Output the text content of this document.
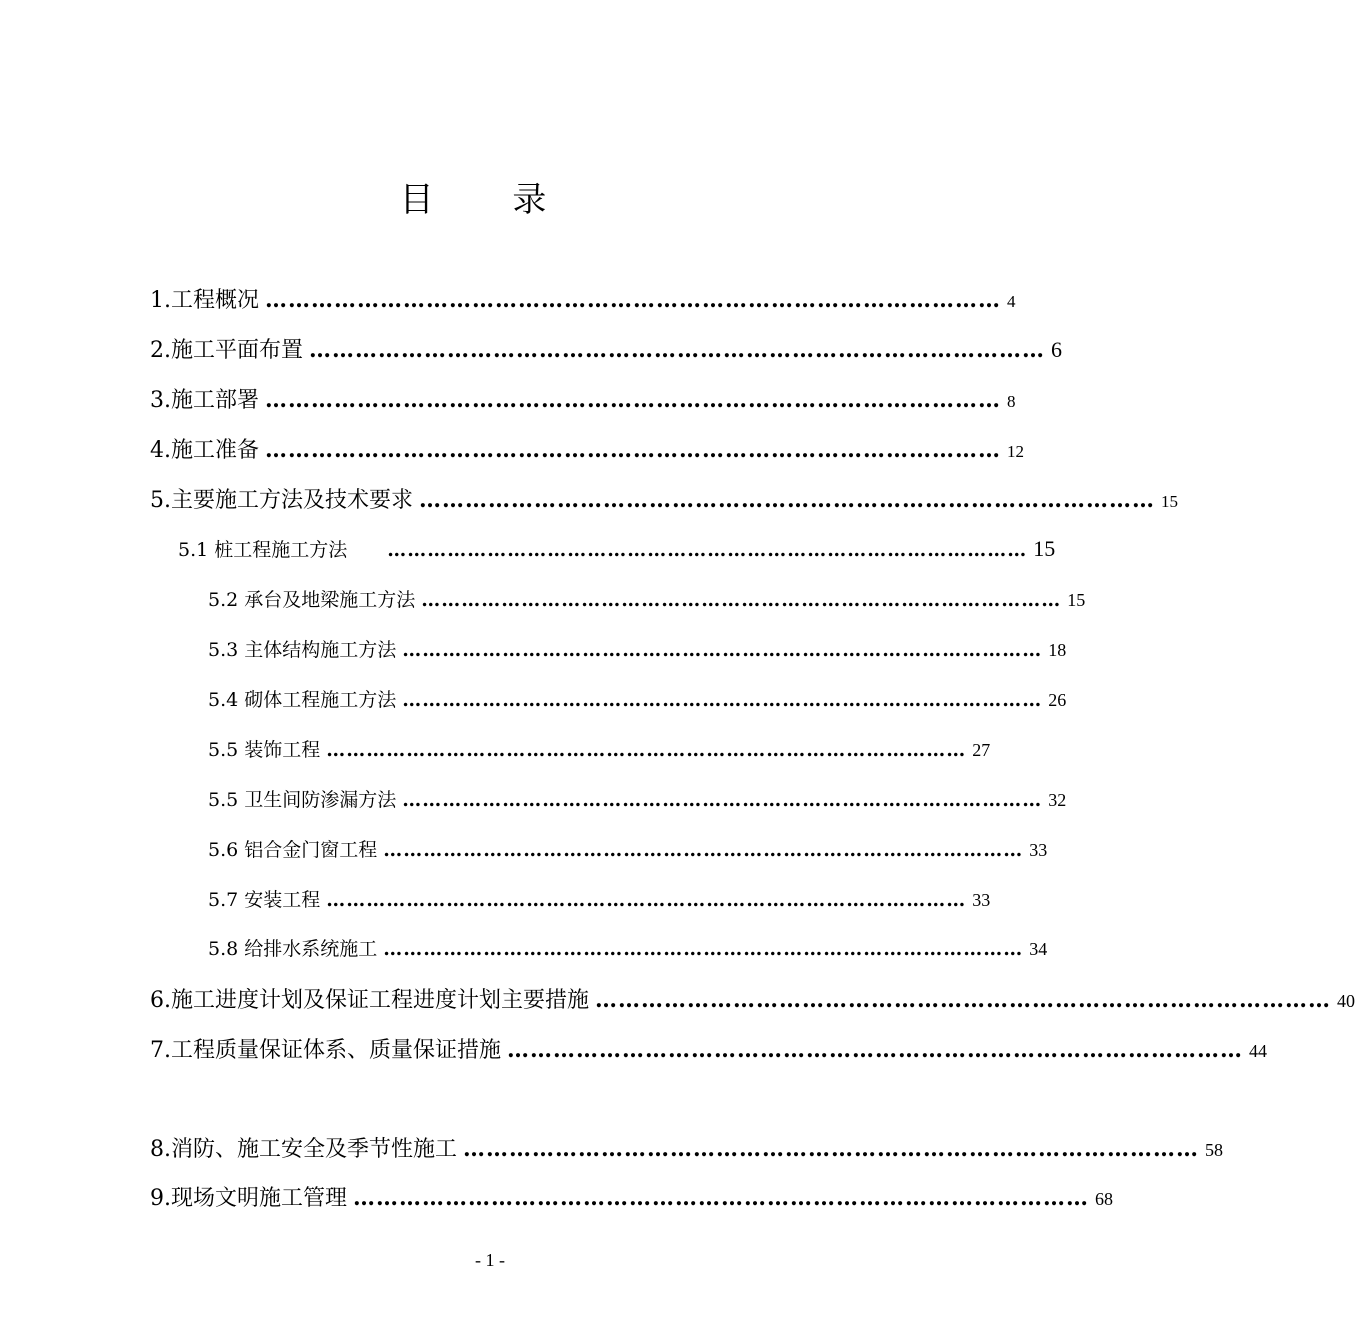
目 录
1.工程概况 …………………………………………………………………………………… 4
2.施工平面布置 …………………………………………………………………………………… 6
3.施工部署 …………………………………………………………………………………… 8
4.施工准备 …………………………………………………………………………………… 12
5.主要施工方法及技术要求 …………………………………………………………………………………… 15
5.1 桩工程施工方法 …………………………………………………………………………………… 15
5.2 承台及地梁施工方法 …………………………………………………………………………………… 15
5.3 主体结构施工方法 …………………………………………………………………………………… 18
5.4 砌体工程施工方法 …………………………………………………………………………………… 26
5.5 装饰工程 …………………………………………………………………………………… 27
5.5 卫生间防渗漏方法 …………………………………………………………………………………… 32
5.6 铝合金门窗工程 …………………………………………………………………………………… 33
5.7 安装工程 …………………………………………………………………………………… 33
5.8 给排水系统施工 …………………………………………………………………………………… 34
6.施工进度计划及保证工程进度计划主要措施 …………………………………………………………………………………… 40
7.工程质量保证体系、质量保证措施 …………………………………………………………………………………… 44
8.消防、施工安全及季节性施工 …………………………………………………………………………………… 58
9.现场文明施工管理 …………………………………………………………………………………… 68
- 1 -
